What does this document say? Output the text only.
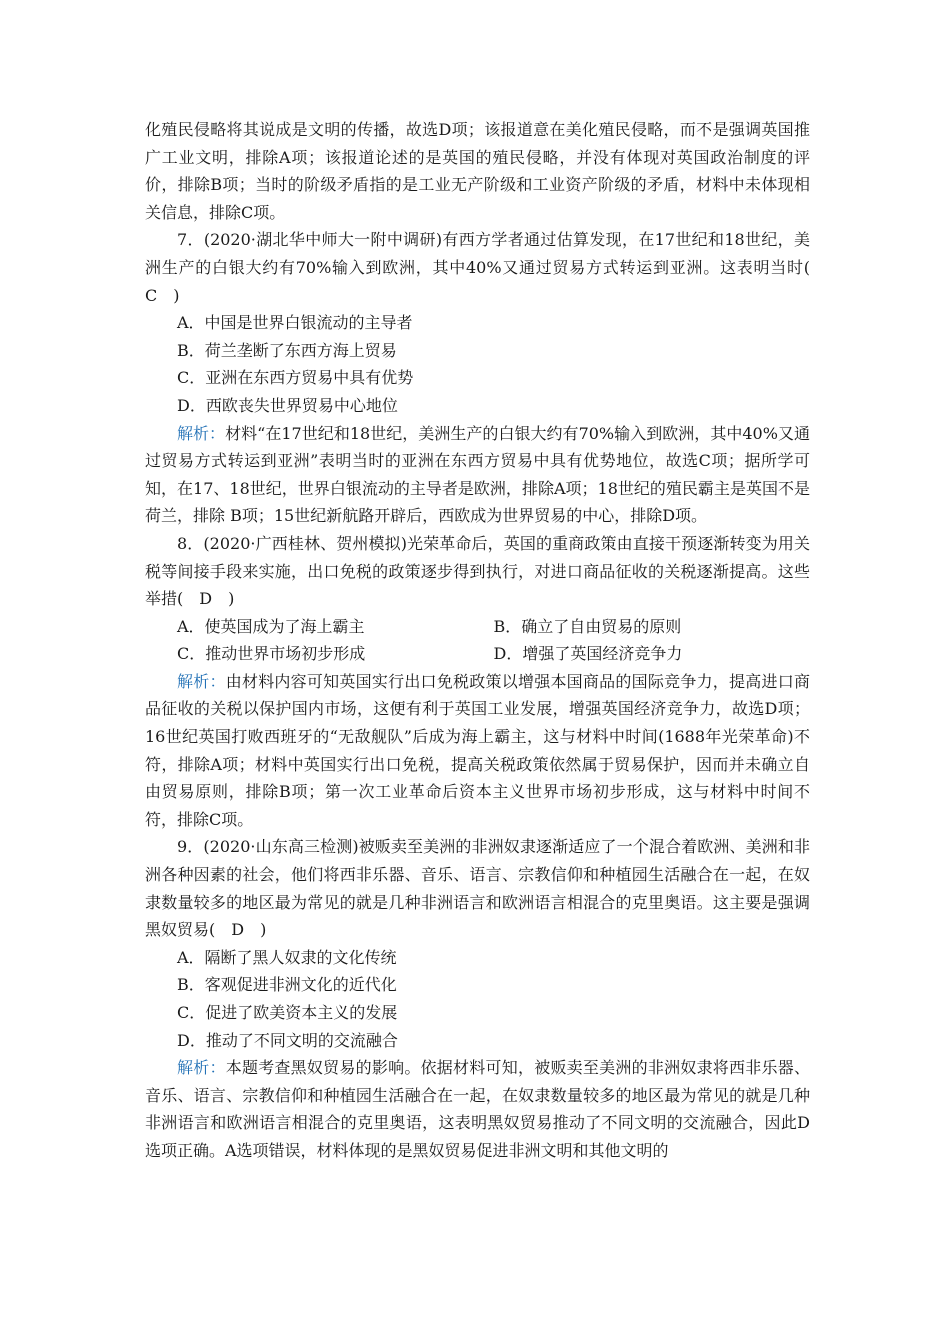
化殖民侵略将其说成是文明的传播，故选D项；该报道意在美化殖民侵略，而不是强调英国推广工业文明，排除A项；该报道论述的是英国的殖民侵略，并没有体现对英国政治制度的评价，排除B项；当时的阶级矛盾指的是工业无产阶级和工业资产阶级的矛盾，材料中未体现相关信息，排除C项。

7．(2020·湖北华中师大一附中调研)有西方学者通过估算发现，在17世纪和18世纪，美洲生产的白银大约有70%输入到欧洲，其中40%又通过贸易方式转运到亚洲。这表明当时(　C　)

A．中国是世界白银流动的主导者

B．荷兰垄断了东西方海上贸易

C．亚洲在东西方贸易中具有优势

D．西欧丧失世界贸易中心地位

解析：材料“在17世纪和18世纪，美洲生产的白银大约有70%输入到欧洲，其中40%又通过贸易方式转运到亚洲”表明当时的亚洲在东西方贸易中具有优势地位，故选C项；据所学可知，在17、18世纪，世界白银流动的主导者是欧洲，排除A项；18世纪的殖民霸主是英国不是荷兰，排除 B项；15世纪新航路开辟后，西欧成为世界贸易的中心，排除D项。

8．(2020·广西桂林、贺州模拟)光荣革命后，英国的重商政策由直接干预逐渐转变为用关税等间接手段来实施，出口免税的政策逐步得到执行，对进口商品征收的关税逐渐提高。这些举措(　D　)

A．使英国成为了海上霸主	B．确立了自由贸易的原则
C．推动世界市场初步形成	D．增强了英国经济竞争力

解析：由材料内容可知英国实行出口免税政策以增强本国商品的国际竞争力，提高进口商品征收的关税以保护国内市场，这便有利于英国工业发展，增强英国经济竞争力，故选D项；16世纪英国打败西班牙的“无敌舰队”后成为海上霸主，这与材料中时间(1688年光荣革命)不符，排除A项；材料中英国实行出口免税，提高关税政策依然属于贸易保护，因而并未确立自由贸易原则，排除B项；第一次工业革命后资本主义世界市场初步形成，这与材料中时间不符，排除C项。

9．(2020·山东高三检测)被贩卖至美洲的非洲奴隶逐渐适应了一个混合着欧洲、美洲和非洲各种因素的社会，他们将西非乐器、音乐、语言、宗教信仰和种植园生活融合在一起，在奴隶数量较多的地区最为常见的就是几种非洲语言和欧洲语言相混合的克里奥语。这主要是强调黑奴贸易(　D　)

A．隔断了黑人奴隶的文化传统

B．客观促进非洲文化的近代化

C．促进了欧美资本主义的发展

D．推动了不同文明的交流融合

解析：本题考查黑奴贸易的影响。依据材料可知，被贩卖至美洲的非洲奴隶将西非乐器、音乐、语言、宗教信仰和种植园生活融合在一起，在奴隶数量较多的地区最为常见的就是几种非洲语言和欧洲语言相混合的克里奥语，这表明黑奴贸易推动了不同文明的交流融合，因此D选项正确。A选项错误，材料体现的是黑奴贸易促进非洲文明和其他文明的
